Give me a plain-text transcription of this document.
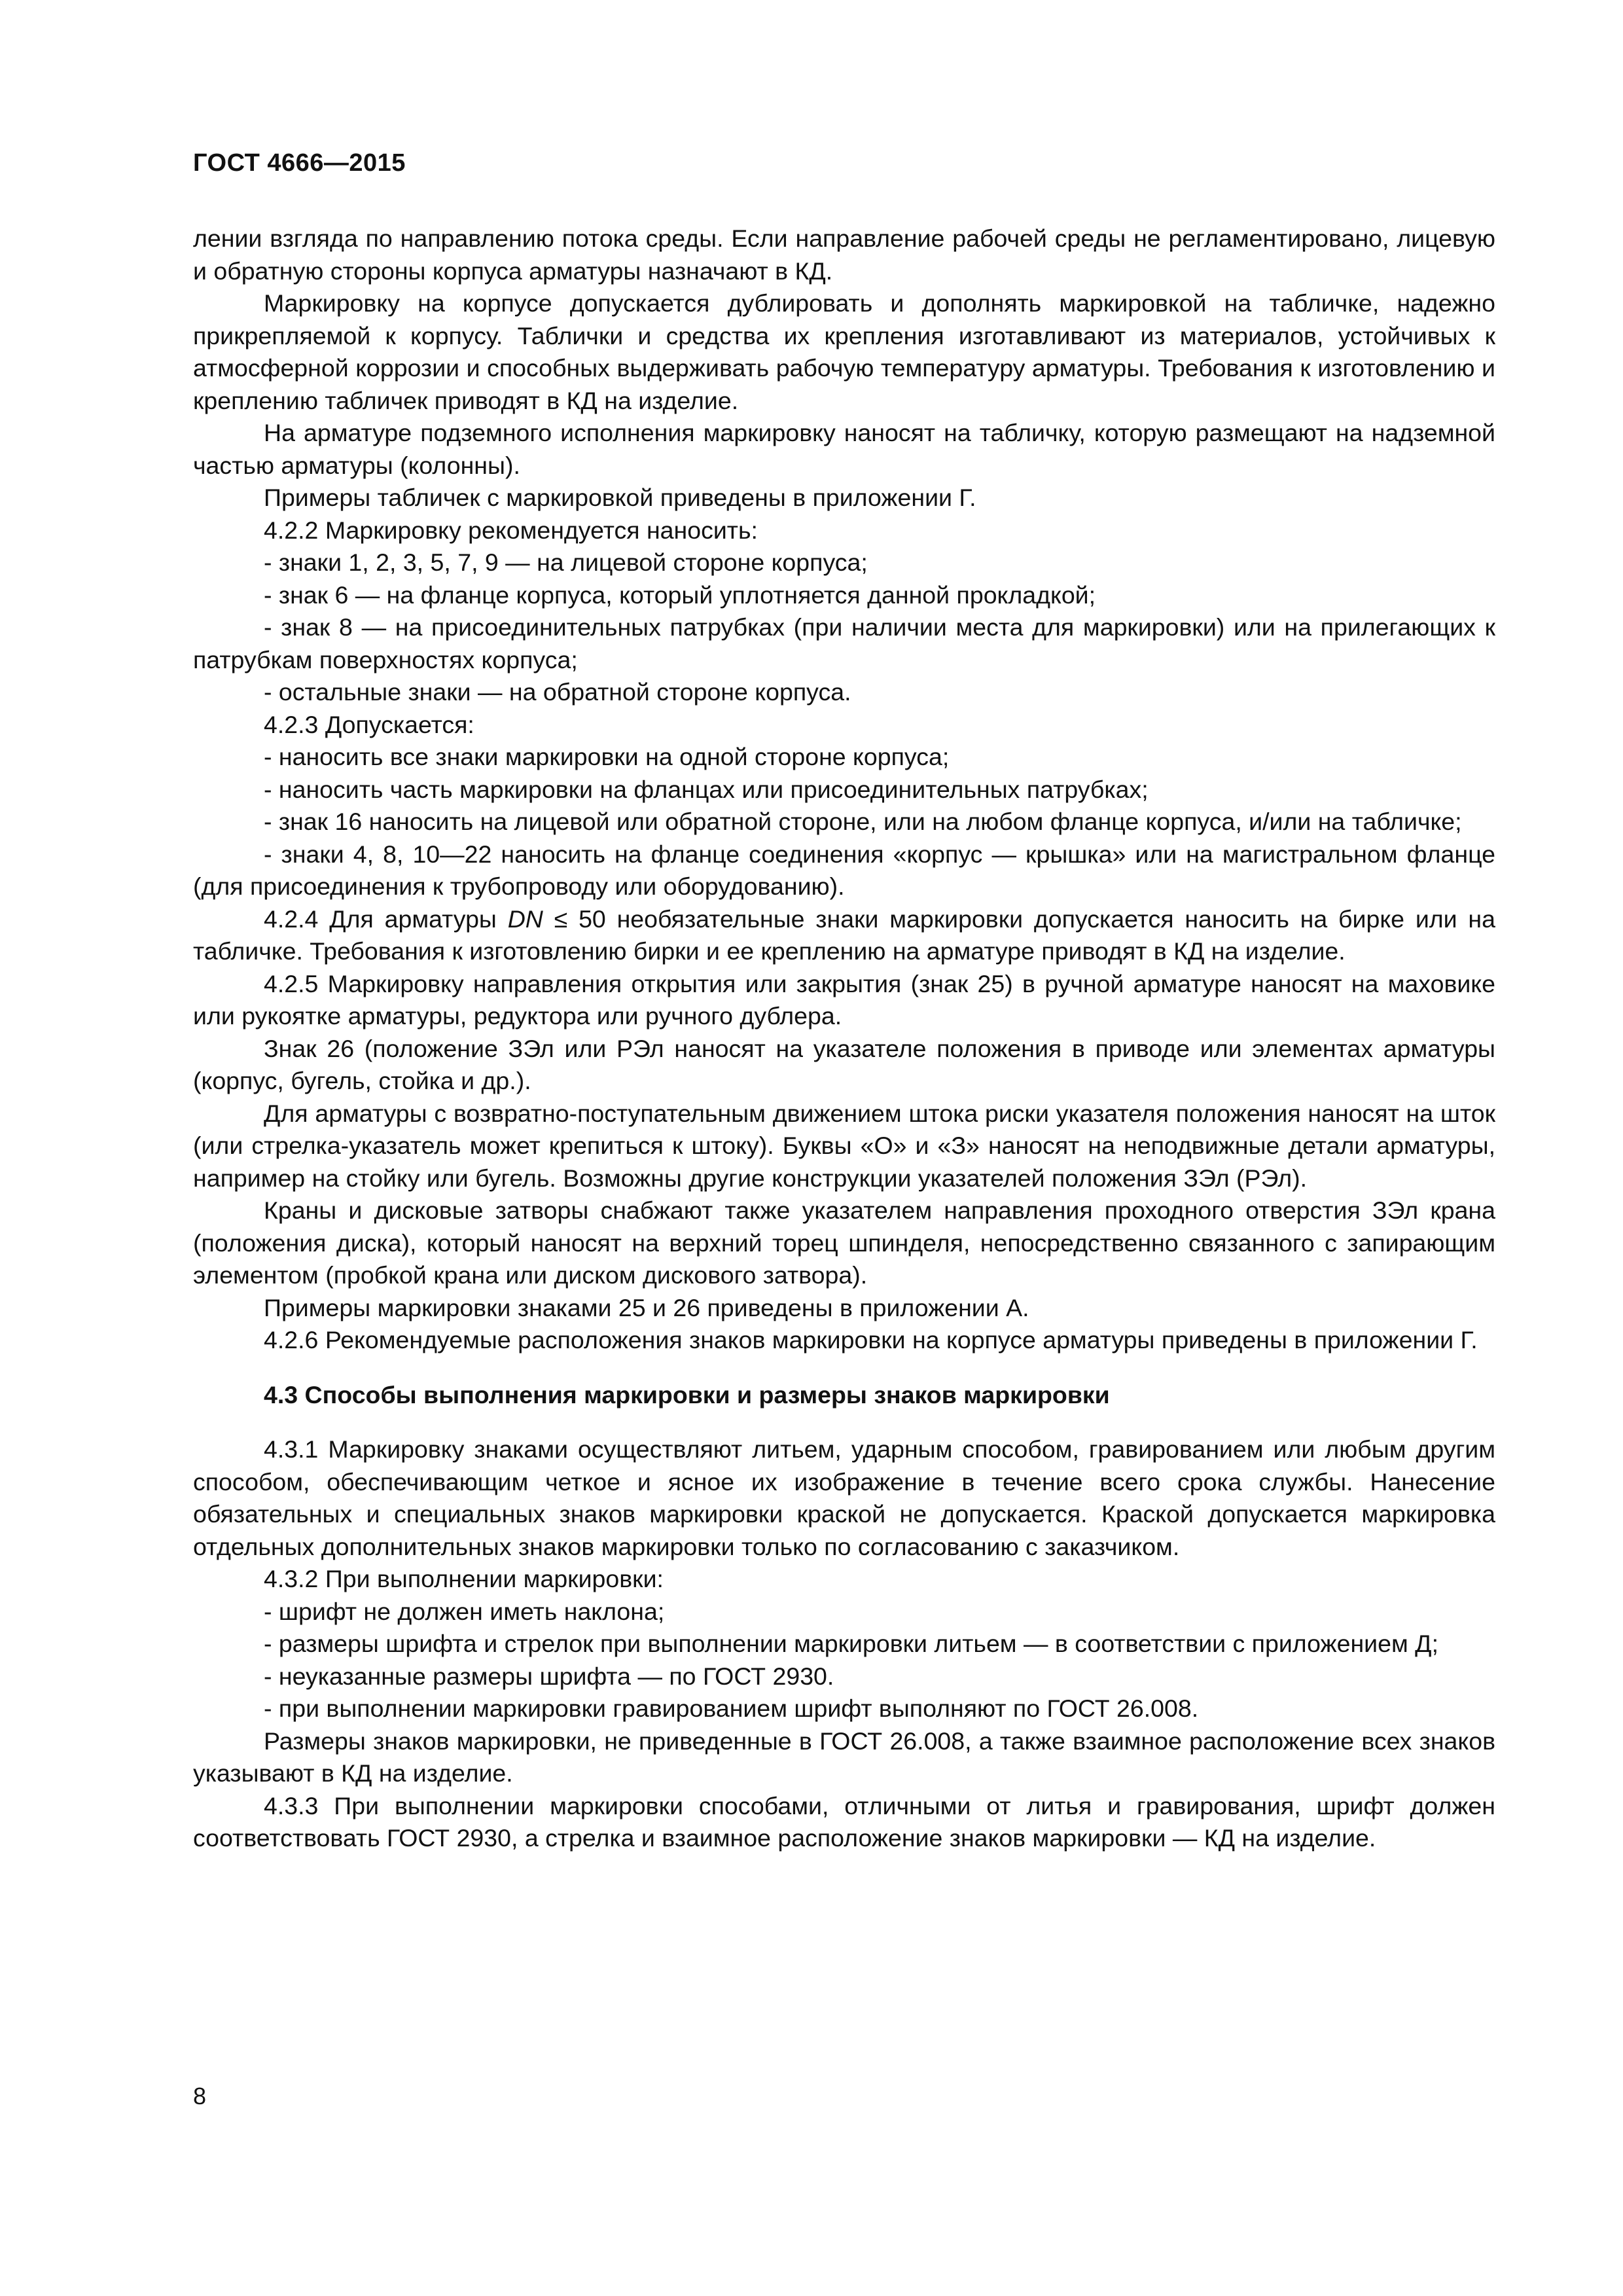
ГОСТ 4666—2015

лении взгляда по направлению потока среды. Если направление рабочей среды не регламентировано, лицевую и обратную стороны корпуса арматуры назначают в КД.

Маркировку на корпусе допускается дублировать и дополнять маркировкой на табличке, надежно прикрепляемой к корпусу. Таблички и средства их крепления изготавливают из материалов, устойчивых к атмосферной коррозии и способных выдерживать рабочую температуру арматуры. Требования к изготовлению и креплению табличек приводят в КД на изделие.

На арматуре подземного исполнения маркировку наносят на табличку, которую размещают на надземной частью арматуры (колонны).

Примеры табличек с маркировкой приведены в приложении Г.

4.2.2 Маркировку рекомендуется наносить:

- знаки 1, 2, 3, 5, 7, 9 — на лицевой стороне корпуса;

- знак 6 — на фланце корпуса, который уплотняется данной прокладкой;

- знак 8 — на присоединительных патрубках (при наличии места для маркировки) или на прилегающих к патрубкам поверхностях корпуса;

- остальные знаки — на обратной стороне корпуса.

4.2.3 Допускается:

- наносить все знаки маркировки на одной стороне корпуса;

- наносить часть маркировки на фланцах или присоединительных патрубках;

- знак 16 наносить на лицевой или обратной стороне, или на любом фланце корпуса, и/или на табличке;

- знаки 4, 8, 10—22 наносить на фланце соединения «корпус — крышка» или на магистральном фланце (для присоединения к трубопроводу или оборудованию).

4.2.4 Для арматуры DN ≤ 50 необязательные знаки маркировки допускается наносить на бирке или на табличке. Требования к изготовлению бирки и ее креплению на арматуре приводят в КД на изделие.

4.2.5 Маркировку направления открытия или закрытия (знак 25) в ручной арматуре наносят на маховике или рукоятке арматуры, редуктора или ручного дублера.

Знак 26 (положение ЗЭл или РЭл наносят на указателе положения в приводе или элементах арматуры (корпус, бугель, стойка и др.).

Для арматуры с возвратно-поступательным движением штока риски указателя положения наносят на шток (или стрелка-указатель может крепиться к штоку). Буквы «О» и «З» наносят на неподвижные детали арматуры, например на стойку или бугель. Возможны другие конструкции указателей положения ЗЭл (РЭл).

Краны и дисковые затворы снабжают также указателем направления проходного отверстия ЗЭл крана (положения диска), который наносят на верхний торец шпинделя, непосредственно связанного с запирающим элементом (пробкой крана или диском дискового затвора).

Примеры маркировки знаками 25 и 26 приведены в приложении А.

4.2.6 Рекомендуемые расположения знаков маркировки на корпусе арматуры приведены в приложении Г.

4.3 Способы выполнения маркировки и размеры знаков маркировки

4.3.1 Маркировку знаками осуществляют литьем, ударным способом, гравированием или любым другим способом, обеспечивающим четкое и ясное их изображение в течение всего срока службы. Нанесение обязательных и специальных знаков маркировки краской не допускается. Краской допускается маркировка отдельных дополнительных знаков маркировки только по согласованию с заказчиком.

4.3.2 При выполнении маркировки:

- шрифт не должен иметь наклона;

- размеры шрифта и стрелок при выполнении маркировки литьем — в соответствии с приложением Д;

- неуказанные размеры шрифта — по ГОСТ 2930.

- при выполнении маркировки гравированием шрифт выполняют по ГОСТ 26.008.

Размеры знаков маркировки, не приведенные в ГОСТ 26.008, а также взаимное расположение всех знаков указывают в КД на изделие.

4.3.3 При выполнении маркировки способами, отличными от литья и гравирования, шрифт должен соответствовать ГОСТ 2930, а стрелка и взаимное расположение знаков маркировки — КД на изделие.

8
